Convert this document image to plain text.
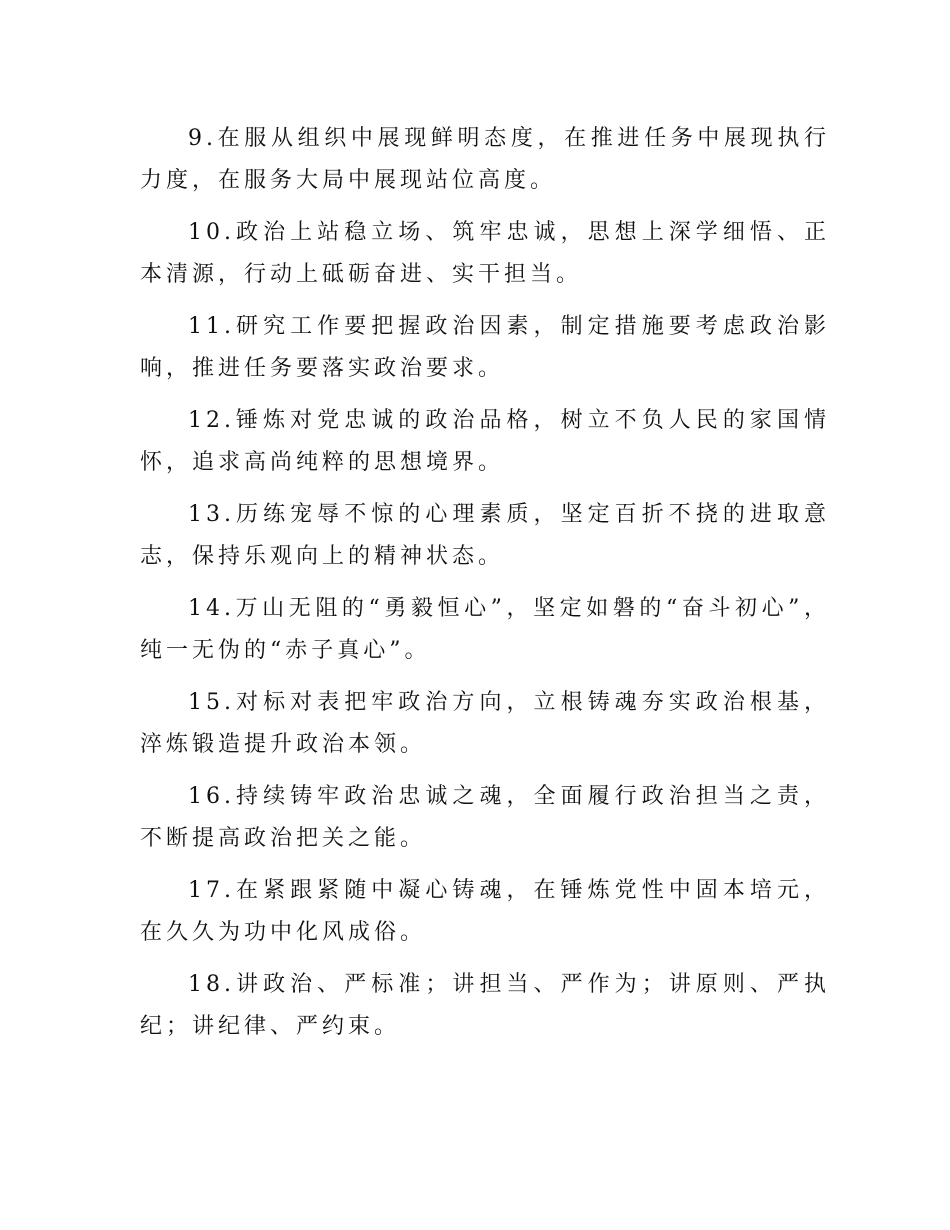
9.在服从组织中展现鲜明态度，在推进任务中展现执行力度，在服务大局中展现站位高度。

10.政治上站稳立场、筑牢忠诚，思想上深学细悟、正本清源，行动上砥砺奋进、实干担当。

11.研究工作要把握政治因素，制定措施要考虑政治影响，推进任务要落实政治要求。

12.锤炼对党忠诚的政治品格，树立不负人民的家国情怀，追求高尚纯粹的思想境界。

13.历练宠辱不惊的心理素质，坚定百折不挠的进取意志，保持乐观向上的精神状态。

14.万山无阻的“勇毅恒心”，坚定如磐的“奋斗初心”，纯一无伪的“赤子真心”。

15.对标对表把牢政治方向，立根铸魂夯实政治根基，淬炼锻造提升政治本领。

16.持续铸牢政治忠诚之魂，全面履行政治担当之责，不断提高政治把关之能。

17.在紧跟紧随中凝心铸魂，在锤炼党性中固本培元，在久久为功中化风成俗。

18.讲政治、严标准；讲担当、严作为；讲原则、严执纪；讲纪律、严约束。
